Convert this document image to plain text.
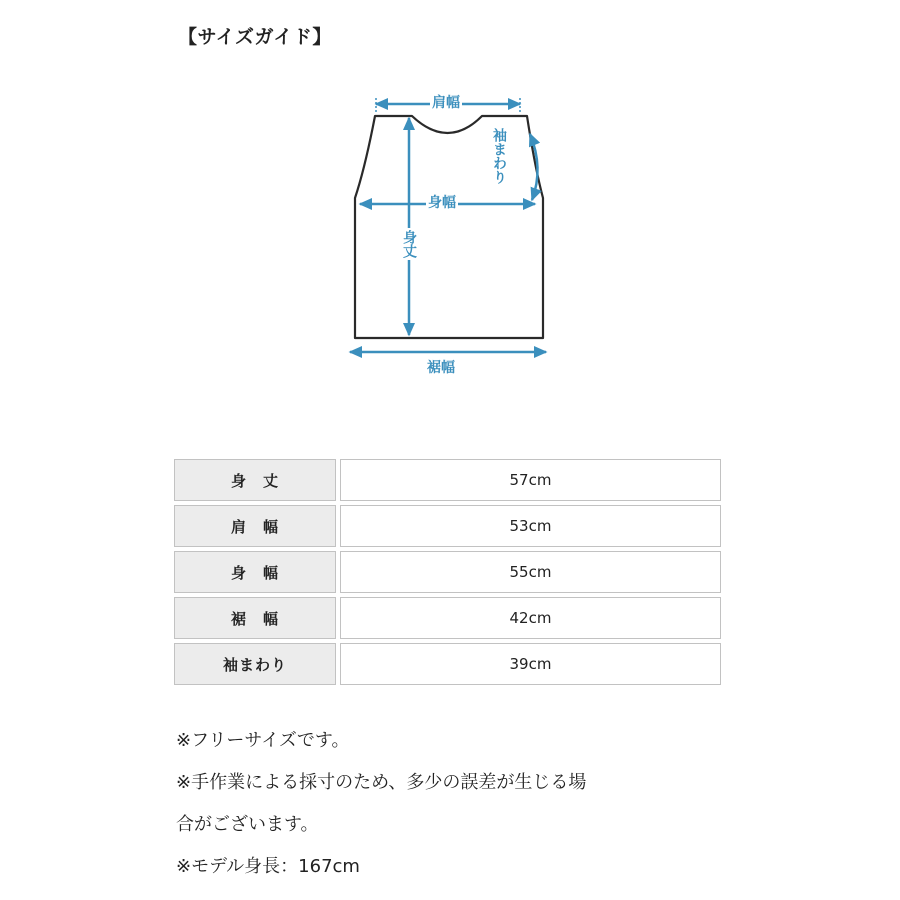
【サイズガイド】
肩幅
袖まわり
身幅
身丈
裾幅
身　丈		57cm
肩　幅		53cm
身　幅		55cm
裾　幅		42cm
袖まわり		39cm

※フリーサイズです。

※手作業による採寸のため、多少の誤差が生じる場

合がございます。

※モデル身長：167cm
